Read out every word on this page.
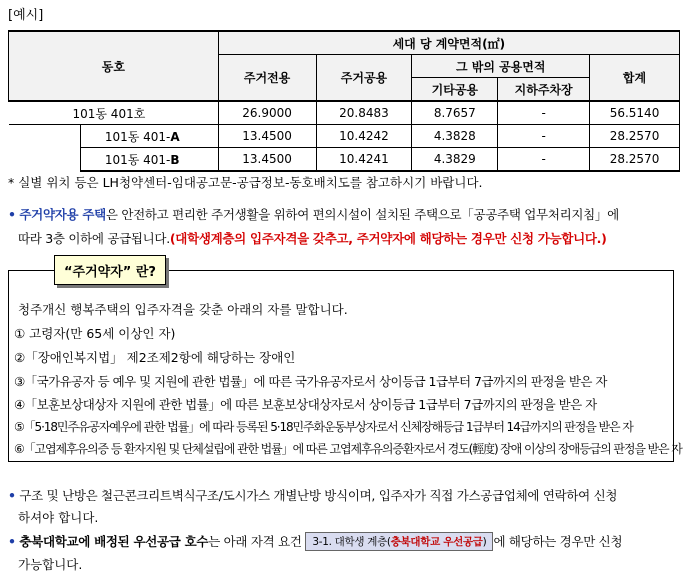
[예시]
동호		세대 당 계약면적(㎡)				
		주거전용	주거공용	그 밖의 공용면적		합계
				기타공용	지하주차장	
101동 401호		26.9000	20.8483	8.7657	-	56.5140
	101동 401-A	13.4500	10.4242	4.3828	-	28.2570
	101동 401-B	13.4500	10.4241	4.3829	-	28.2570
* 실별 위치 등은 LH청약센터-임대공고문-공급정보-동호배치도를 참고하시기 바랍니다.
• 주거약자용 주택은 안전하고 편리한 주거생활을 위하여 편의시설이 설치된 주택으로「공공주택 업무처리지침」에
따라 3층 이하에 공급됩니다.(대학생계층의 입주자격을 갖추고, 주거약자에 해당하는 경우만 신청 가능합니다.)
“주거약자” 란?
청주개신 행복주택의 입주자격을 갖춘 아래의 자를 말합니다.
① 고령자(만 65세 이상인 자)
②「장애인복지법」 제2조제2항에 해당하는 장애인
③「국가유공자 등 예우 및 지원에 관한 법률」에 따른 국가유공자로서 상이등급 1급부터 7급까지의 판정을 받은 자
④「보훈보상대상자 지원에 관한 법률」에 따른 보훈보상대상자로서 상이등급 1급부터 7급까지의 판정을 받은 자
⑤「5·18민주유공자예우에 관한 법률」에 따라 등록된 5·18민주화운동부상자로서 신체장해등급 1급부터 14급까지의 판정을 받은 자
⑥「고엽제후유의증 등 환자지원 및 단체설립에 관한 법률」에 따른 고엽제후유의증환자로서 경도(輕度) 장애 이상의 장애등급의 판정을 받은 자
• 구조 및 난방은 철근콘크리트벽식구조/도시가스 개별난방 방식이며, 입주자가 직접 가스공급업체에 연락하여 신청
하셔야 합니다.
• 충북대학교에 배정된 우선공급 호수는 아래 자격 요건 3-1. 대학생 계층(충북대학교 우선공급) 에 해당하는 경우만 신청
가능합니다.
